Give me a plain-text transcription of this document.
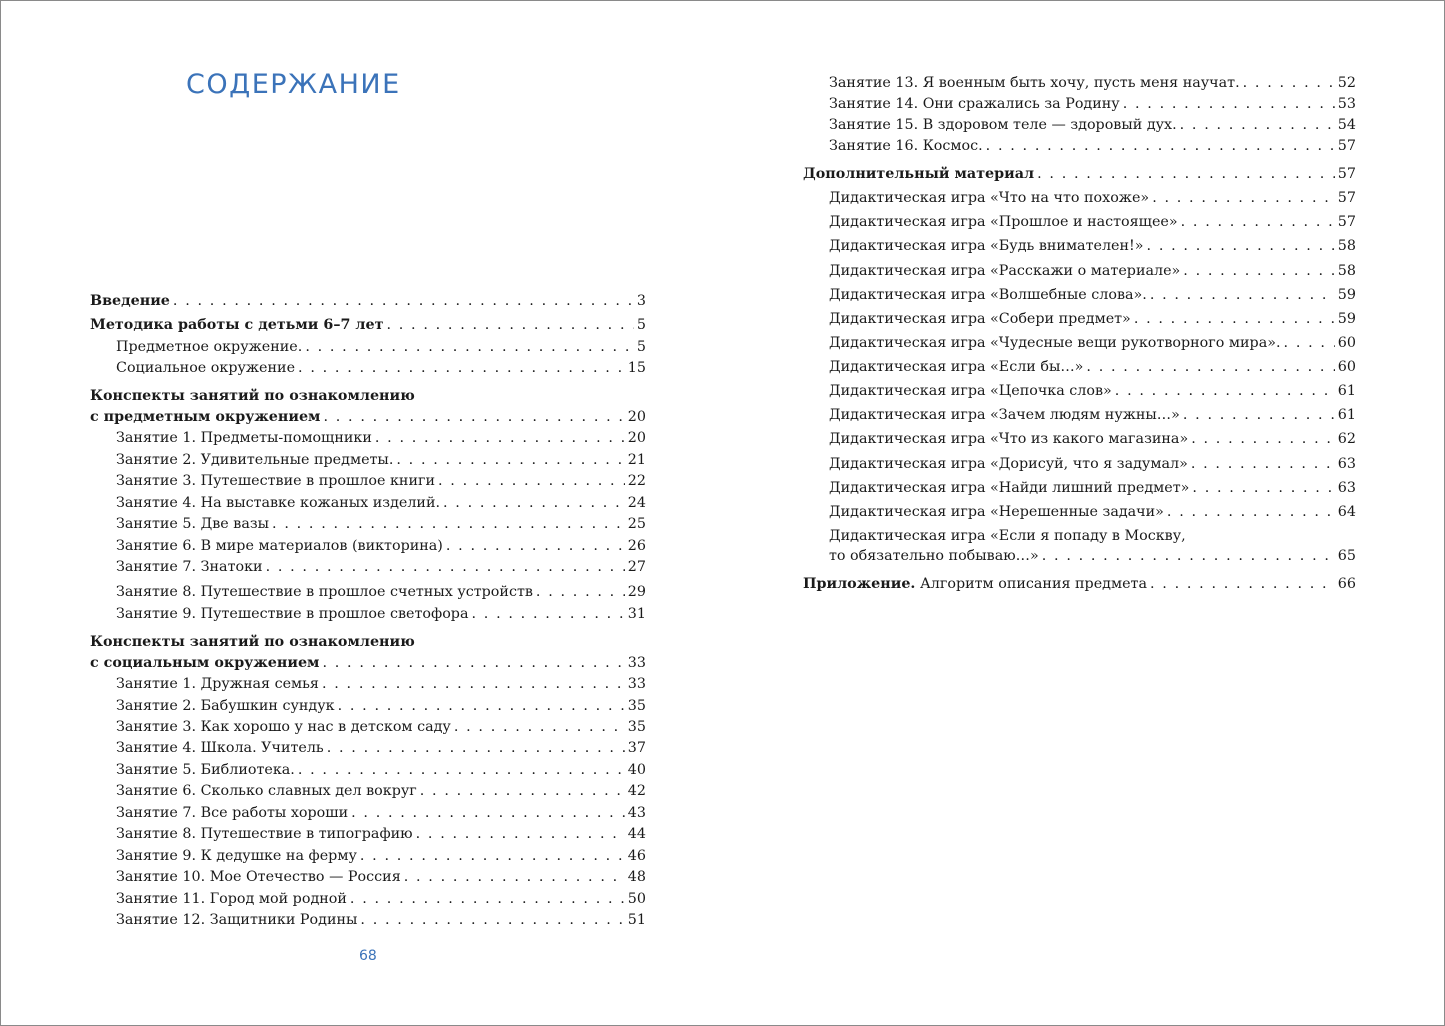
СОДЕРЖАНИЕ
Введение . . .	3
Методика работы с детьми 6–7 лет . . .	5
Предметное окружение. . . .	5
Социальное окружение . . .	15
Конспекты занятий по ознакомлению
с предметным окружением . . .	20
Занятие 1. Предметы-помощники . . .	20
Занятие 2. Удивительные предметы. . . .	21
Занятие 3. Путешествие в прошлое книги . . .	22
Занятие 4. На выставке кожаных изделий. . . .	24
Занятие 5. Две вазы . . .	25
Занятие 6. В мире материалов (викторина) . . .	26
Занятие 7. Знатоки . . .	27
Занятие 8. Путешествие в прошлое счетных устройств . . .	29
Занятие 9. Путешествие в прошлое светофора . . .	31
Конспекты занятий по ознакомлению
с социальным окружением . . .	33
Занятие 1. Дружная семья . . .	33
Занятие 2. Бабушкин сундук . . .	35
Занятие 3. Как хорошо у нас в детском саду . . .	35
Занятие 4. Школа. Учитель . . .	37
Занятие 5. Библиотека. . . .	40
Занятие 6. Сколько славных дел вокруг . . .	42
Занятие 7. Все работы хороши . . .	43
Занятие 8. Путешествие в типографию . . .	44
Занятие 9. К дедушке на ферму . . .	46
Занятие 10. Мое Отечество — Россия . . .	48
Занятие 11. Город мой родной . . .	50
Занятие 12. Защитники Родины . . .	51
68
Занятие 13. Я военным быть хочу, пусть меня научат. . . .	52
Занятие 14. Они сражались за Родину . . .	53
Занятие 15. В здоровом теле — здоровый дух. . . .	54
Занятие 16. Космос. . . .	57
Дополнительный материал . . .	57
Дидактическая игра «Что на что похоже» . . .	57
Дидактическая игра «Прошлое и настоящее» . . .	57
Дидактическая игра «Будь внимателен!» . . .	58
Дидактическая игра «Расскажи о материале» . . .	58
Дидактическая игра «Волшебные слова». . . .	59
Дидактическая игра «Собери предмет» . . .	59
Дидактическая игра «Чудесные вещи рукотворного мира». . . .	60
Дидактическая игра «Если бы…» . . .	60
Дидактическая игра «Цепочка слов» . . .	61
Дидактическая игра «Зачем людям нужны…» . . .	61
Дидактическая игра «Что из какого магазина» . . .	62
Дидактическая игра «Дорисуй, что я задумал» . . .	63
Дидактическая игра «Найди лишний предмет» . . .	63
Дидактическая игра «Нерешенные задачи» . . .	64
Дидактическая игра «Если я попаду в Москву,
то обязательно побываю…» . . .	65
Приложение. Алгоритм описания предмета . . .	66
